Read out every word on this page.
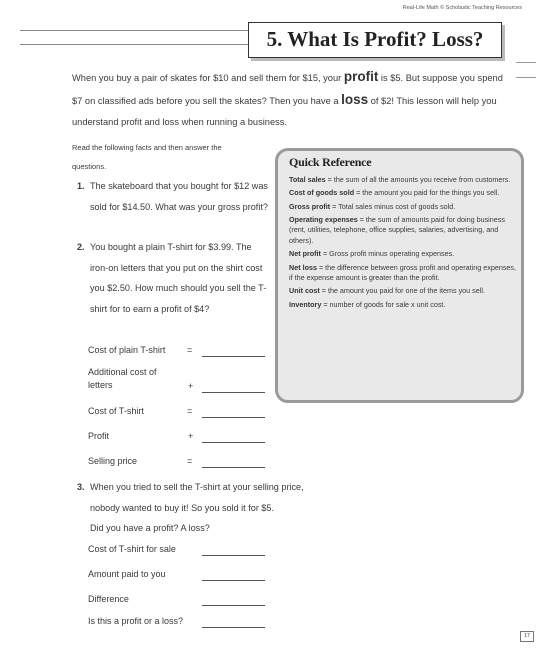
Real-Life Math © Scholastic Teaching Resources
5. What Is Profit? Loss?
When you buy a pair of skates for $10 and sell them for $15, your profit is $5. But suppose you spend $7 on classified ads before you sell the skates? Then you have a loss of $2! This lesson will help you understand profit and loss when running a business.
Read the following facts and then answer the questions.
1. The skateboard that you bought for $12 was sold for $14.50. What was your gross profit?
2. You bought a plain T-shirt for $3.99. The iron-on letters that you put on the shirt cost you $2.50. How much should you sell the T-shirt for to earn a profit of $4?
Cost of plain T-shirt =
Additional cost of
letters	+
Cost of T-shirt	=
Profit	+
Selling price	=
3. When you tried to sell the T-shirt at your selling price,
nobody wanted to buy it! So you sold it for $5.
Did you have a profit? A loss?
Cost of T-shirt for sale
Amount paid to you
Difference
Is this a profit or a loss?
Quick Reference

Total sales = the sum of all the amounts you receive from customers.

Cost of goods sold = the amount you paid for the things you sell.

Gross profit = Total sales minus cost of goods sold.

Operating expenses = the sum of amounts paid for doing business (rent, utilities, telephone, office supplies, salaries, advertising, and others).

Net profit = Gross profit minus operating expenses.

Net loss = the difference between gross profit and operating expenses, if the expense amount is greater than the profit.

Unit cost = the amount you paid for one of the items you sell.

Inventory = number of goods for sale x unit cost.

17
